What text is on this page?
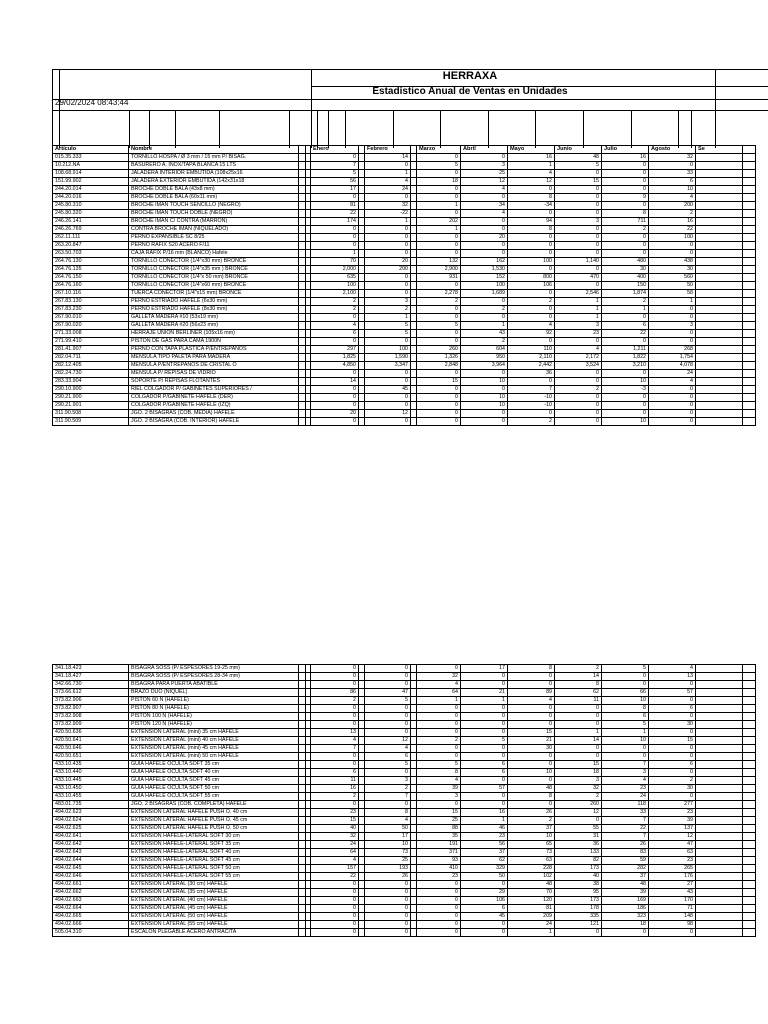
HERRAXA
Estadístico Anual de Ventas en Unidades
29/02/2024 08:43:44
Artículo	Nombre			Enero		Febrero		Marzo	Abril	Mayo	Junio	Julio	Agosto	Se	
015.35.333	TORNILLO HOSPA / Ø 3 mm / 15 mm P/ BISAG.			0		14		0	0	16	48	16	32		
10.212.NA	BASURERO A. INOX/TAPA BLANCA 15 LTS			7		0		5	3	1	5	0	0		
108.68.914	JALADERA INTERIOR EMBUTIDA (108x25x16			5		1		0	25	4	0	0	33		
151.99.902	JALADERA EXTERIOR EMBUTIDA (142x31x18			56		4		18	12	12	15	0	6		
244.20.014	BROCHE DOBLE BALA (43x8 mm)			17		24		0	4	0	0	0	10		
244.20.016	BROCHE DOBLE BALA (60x11 mm)			0		0		0	0	8	0	9	4		
245.80.310	BROCHE IMAN TOUCH SENCILLO (NEGRO)			81		32		1	34	-34	0	0	200		
245.80.320	BROCHE IMAN TOUCH DOBLE (NEGRO)			22		-22		0	4	0	0	8	2		
246.26.141	BROCHE IMAN C/ CONTRA (MARRON)			174		1		202	0	94	3	711	16		
246.26.769	CONTRA BROCHE IMAN (NIQUELADO)			0		0		1	0	8	0	2	22		
262.11.111	PERNO EXPANSIBLE SC 8/25			0		0		0	20	0	0	0	100		
263.20.847	PERNO RAFIX S20 ACERO F/11			0		0		0	0	0	0	0	0		
263.50.703	CAJA RAFIX P/16 mm (BLANCO) Hafele			1		0		0	0	0	0	0	0		
264.76.130	TORNILLO CONECTOR (1/4"x30 mm) BRONCE			70		20		132	162	100	1,140	480	438		
264.76.135	TORNILLO CONECTOR (1/4"x35 mm ) BRONCE			2,000		200		2,900	1,530	0	0	30	30		
264.76.150	TORNILLO CONECTOR (1/4"x 50 mm) BRONCE			635		0		931	152	800	470	400	560		
264.76.160	TORNILLO CONECTOR (1/4"x60 mm) BRONCE			100		0		0	100	106	0	150	50		
267.10.116	TUERCA CONECTOR (1/4"x15 mm) BRONCE			2,100		0		2,278	1,689	0	2,546	1,874	58		
267.83.130	PERNO ESTRIADO HÁFELE (6x30 mm)			2		3		2	0	2	1	2	1		
267.83.230	PERNO ESTRIADO HÁFELE (8x30 mm)			2		2		0	2	0	1	1	0		
267.90.010	GALLETA MADERA #10 (53x19 mm)			0		1		0	0	0	1	0	0		
267.90.020	GALLETA MADERA #20 (56x23 mm)			4		5		5	1	4	3	6	3		
271.33.008	HERRAJE UNION BERLINER (105x16 mm)			6		5		0	43	92	23	22	0		
271.99.410	PISTON DE GAS PARA CAMA 1900N			0		0		0	2	0	0	0	0		
281.41.907	PERNO CON TAPA PLASTICA P/ENTREPAÑOS			297		100		260	604	110	4	1,211	268		
282.04.711	MENSULA TIPO PALETA PARA MADERA			1,825		1,590		1,326	950	2,110	2,172	1,822	1,754		
282.12.405	MENSULA P/ENTREPAÑOS DE CRISTAL O			4,850		3,347		2,848	3,964	2,442	3,524	3,210	4,078		
282.24.730	MENSULA P/ REPISAS DE VIDRIO			0		0		0	0	36	0	0	24		
283.33.904	SOPORTE P/ REPISAS FLOTANTES			14		0		15	10	0	0	10	4		
290.10.900	RIEL COLGADOR P/ GABINETES SUPERIORES /			0		45		0	0	7	2	-3	0		
290.21.900	COLGADOR P/GABINETE HAFELE (DER)			0		0		0	10	-10	0	0	0		
290.21.901	COLGADOR P/GABINETE HAFELE (IZQ)			0		0		0	10	-10	0	0	0		
311.90.508	JGO. 2 BISAGRAS (COB. MEDIA) HÁFELE			20		12		0	0	0	0	0	0		
311.90.509	JGO. 2 BISAGRA (COB. INTERIOR) HÁFELE			0		0		0	0	2	0	10	0		
341.18.423	BISAGRA SOSS (P/ ESPESORES 19-25 mm)			0		0		0	17	8	2	5	4		
341.18.427	BISAGRA SOSS (P/ ESPESORES 28-34 mm)			0		0		32	0	0	14	0	13		
342.66.730	BISAGRA PARA PUERTA ABATIBLE			0		0		4	0	0	8	0	0		
373.66.612	BRAZO DUO (NIQUEL)			86		47		64	21	89	62	66	57		
373.82.906	PISTON 60 N (HÁFELE)			2		5		1	1	4	11	10	0		
373.82.907	PISTON 80 N (HÁFELE)			0		0		0	0	0	0	8	6		
373.82.908	PISTON 100 N (HÁFELE)			0		0		0	0	0	0	6	0		
373.82.909	PISTON 120 N (HÁFELE)			0		0		0	0	0	0	5	30		
420.50.636	EXTENSION LATERAL (mini) 35 cm HÁFELE			13		0		0	0	15	1	1	0		
420.50.641	EXTENSION LATERAL (mini) 40 cm HÁFELE			4		12		2	5	21	14	10	15		
420.50.646	EXTENSION LATERAL (mini) 45 cm HÁFELE			7		4		0	0	30	0	0	0		
420.50.651	EXTENSION LATERAL (mini) 50 cm HÁFELE			0		6		0	0	0	0	0	0		
433.10.435	GUIA HAFELE OCULTA SOFT 35 cm			0		5		5	6	0	15	7	6		
433.10.440	GUIA HAFELE OCULTA SOFT 40 cm			6		0		8	6	10	18	3	0		
433.10.445	GUIA HAFELE OCULTA SOFT 45 cm			11		3		4	0	0	3	4	2		
433.10.450	GUIA HAFELE OCULTA SOFT 50 cm			16		2		39	57	48	32	23	30		
433.10.455	GUIA HAFELE OCULTA SOFT 55 cm			2		7		3	0	8	2	24	0		
483.01.735	JGO. 2 BISAGRAS (COB. COMPLETA) HÁFELE			0		0		0	0	0	260	118	277		
494.02.623	EXTENSION LATERAL HAFELE PUSH O. 40 cm			23		8		15	16	26	12	33	23		
494.02.624	EXTENSION LATERAL HAFELE PUSH O. 45 cm			15		4		25	1	2	0	7	39		
494.02.625	EXTENSION LATERAL HAFELE PUSH O. 50 cm			40		50		88	46	37	55	22	137		
494.02.641	EXTENSION HAFELE-LATERAL SOFT 30 cm			32		17		35	23	10	31	7	12		
494.02.642	EXTENSION HAFELE-LATERAL SOFT 35 cm			24		10		191	56	65	36	26	47		
494.02.643	EXTENSION HAFELE-LATERAL SOFT 40 cm			64		73		371	37	73	133	83	63		
494.02.644	EXTENSION HAFELE-LATERAL SOFT 45 cm			4		25		93	62	63	82	59	23		
494.02.645	EXTENSION HAFELE-LATERAL SOFT 50 cm			157		193		410	329	228	173	282	265		
494.02.646	EXTENSION HAFELE-LATERAL SOFT 55 cm			22		26		23	50	102	40	37	176		
494.02.661	EXTENSION LATERAL (30 cm) HÁFELE			0		0		0	0	48	38	48	27		
494.02.662	EXTENSION LATERAL (35 cm) HÁFELE			0		0		0	29	70	95	39	43		
494.02.663	EXTENSION LATERAL (40 cm) HÁFELE			0		0		0	106	120	173	169	170		
494.02.664	EXTENSION LATERAL (45 cm) HÁFELE			0		0		0	6	81	178	186	71		
494.02.665	EXTENSION LATERAL (50 cm) HÁFELE			0		0		0	45	209	335	323	148		
494.02.666	EXTENSION LATERAL (55 cm) HÁFELE			0		0		0	0	24	121	18	98		
505.04.310	ESCALON PLEGABLE ACERO ANTRACITA			0		0		0	0	1	0	0	0		
